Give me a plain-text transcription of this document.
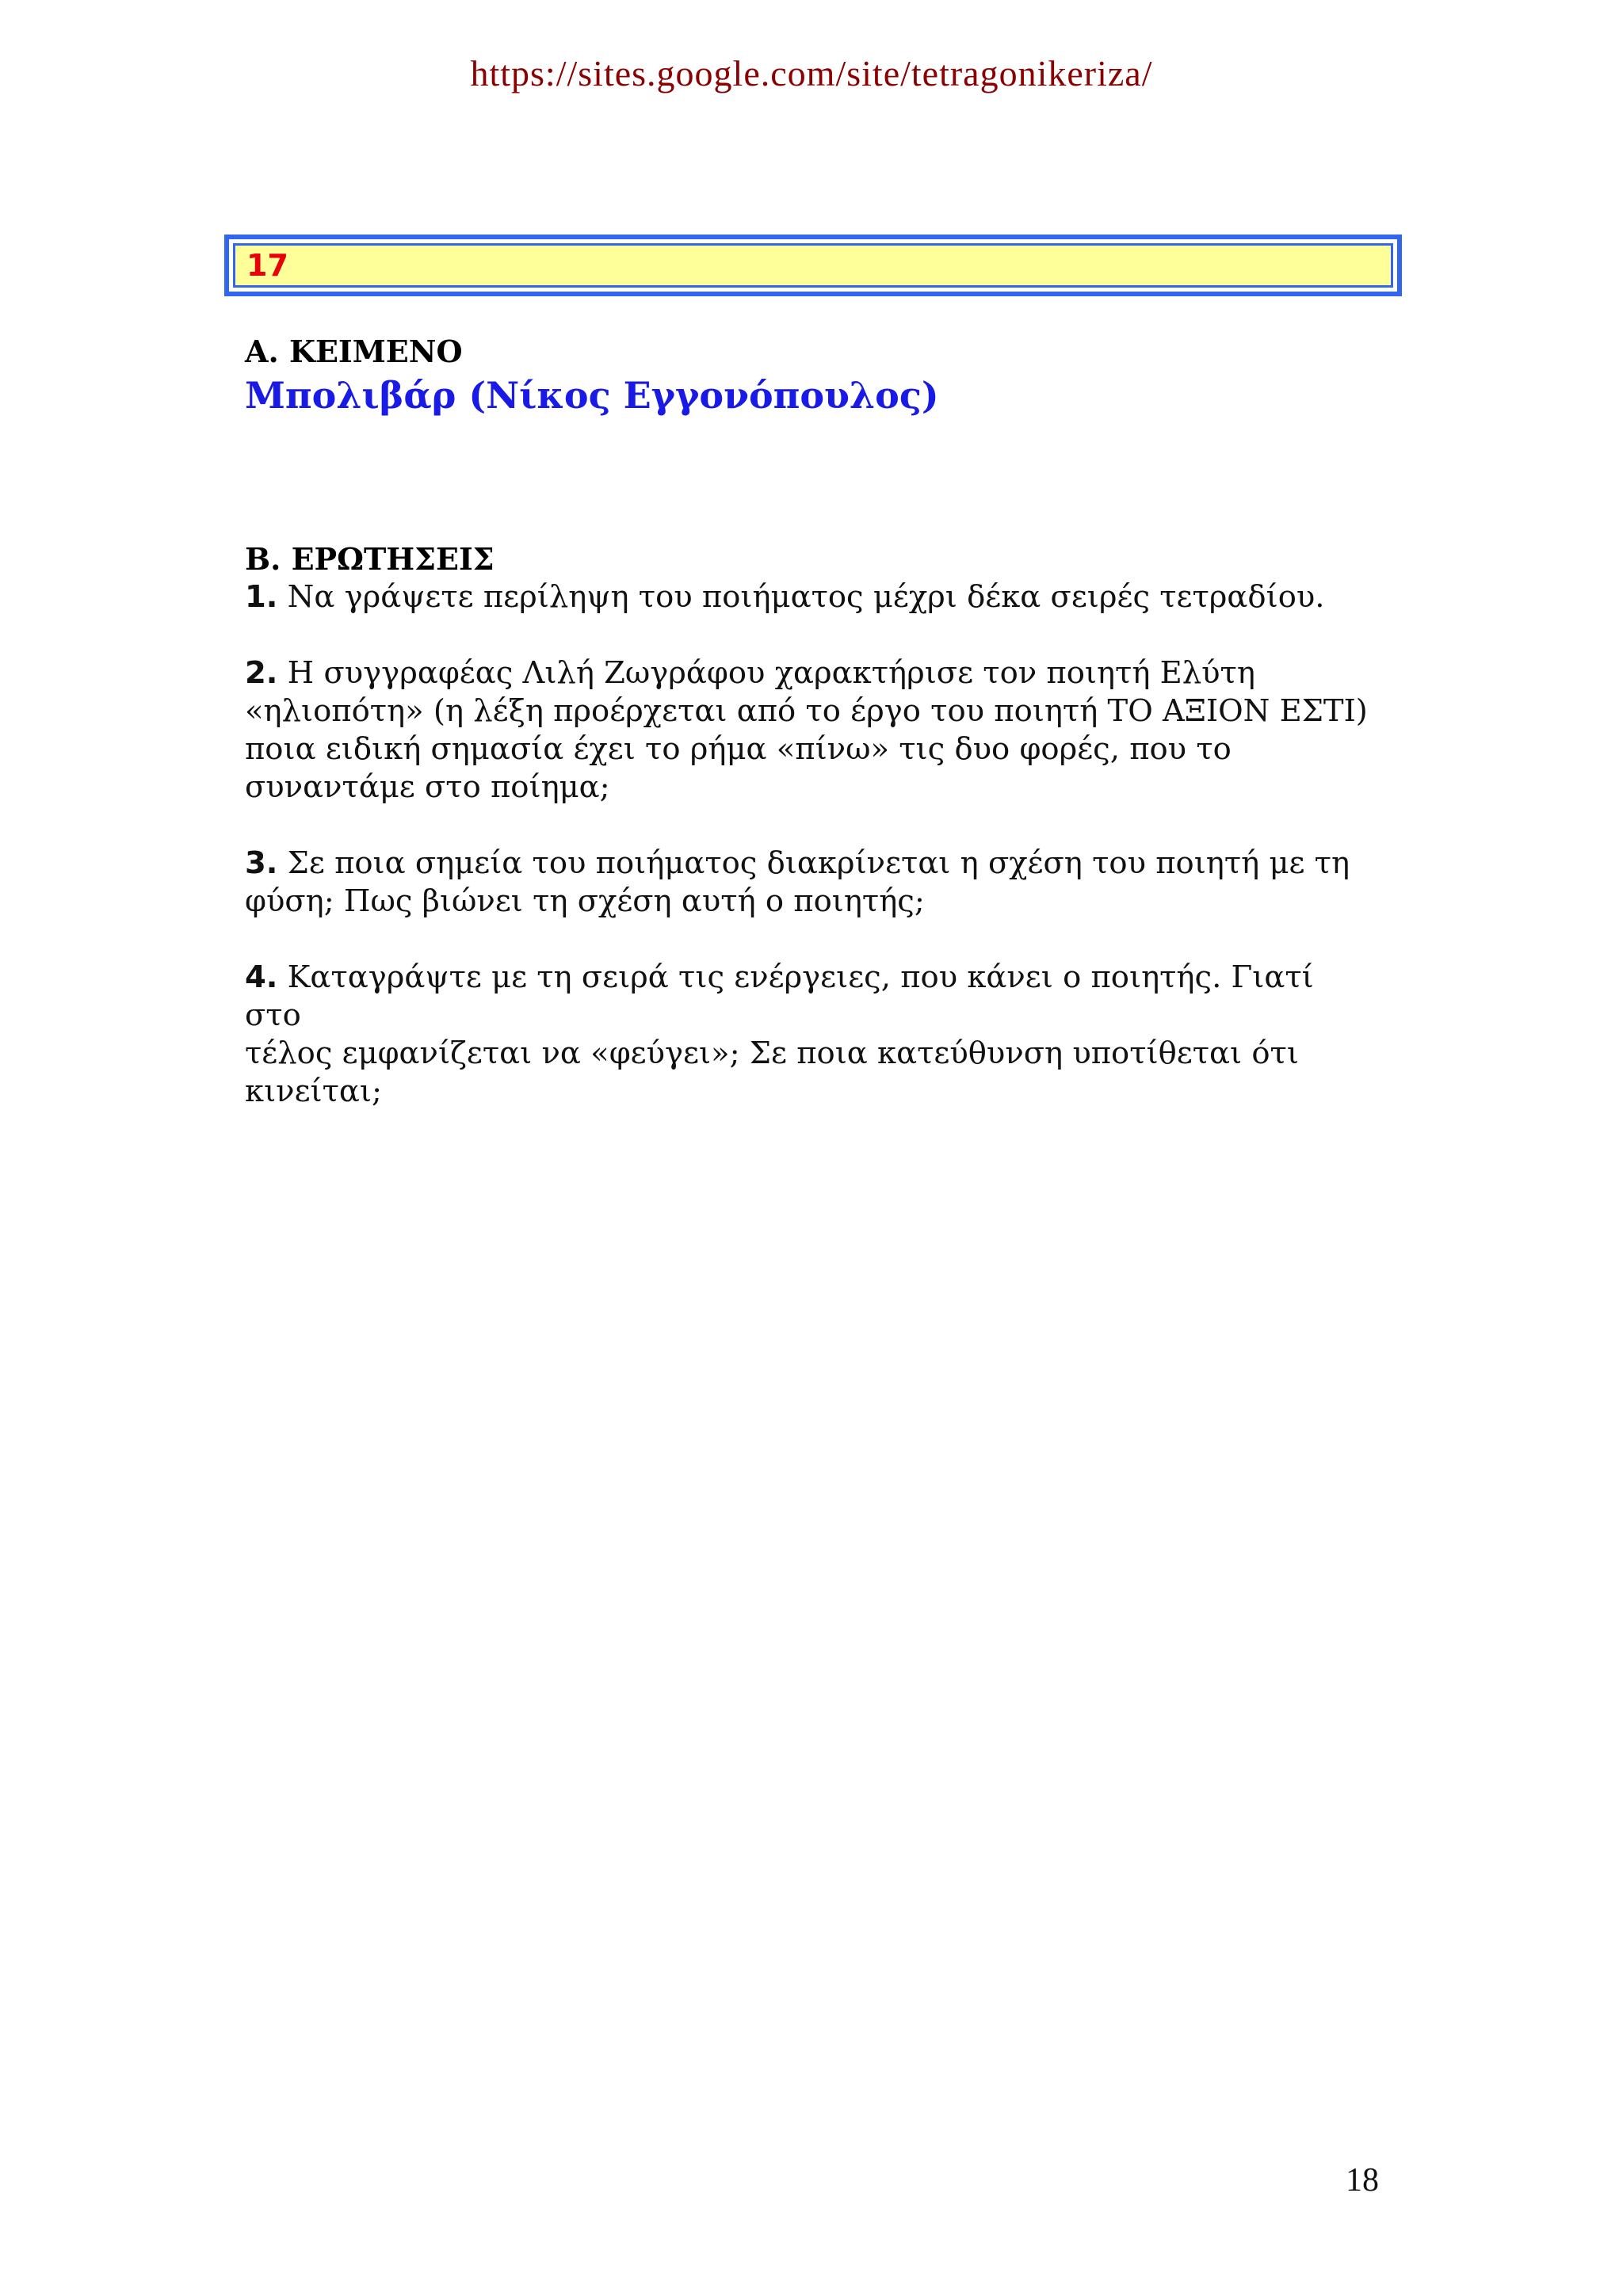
https://sites.google.com/site/tetragonikeriza/
17

Α. ΚΕΙΜΕΝΟ

Μπολιβάρ (Νίκος Εγγονόπουλος)

Β. ΕΡΩΤΗΣΕΙΣ

1. Να γράψετε περίληψη του ποιήματος μέχρι δέκα σειρές τετραδίου.

2. Η συγγραφέας Λιλή Ζωγράφου χαρακτήρισε τον ποιητή Ελύτη
«ηλιοπότη» (η λέξη προέρχεται από το έργο του ποιητή ΤΟ ΑΞΙΟΝ ΕΣΤΙ)
ποια ειδική σημασία έχει το ρήμα «πίνω» τις δυο φορές, που το
συναντάμε στο ποίημα;

3. Σε ποια σημεία του ποιήματος διακρίνεται η σχέση του ποιητή με τη
φύση; Πως βιώνει τη σχέση αυτή ο ποιητής;

4. Καταγράψτε με τη σειρά τις ενέργειες, που κάνει ο ποιητής. Γιατί στο
τέλος εμφανίζεται να «φεύγει»; Σε ποια κατεύθυνση υποτίθεται ότι
κινείται;

18
